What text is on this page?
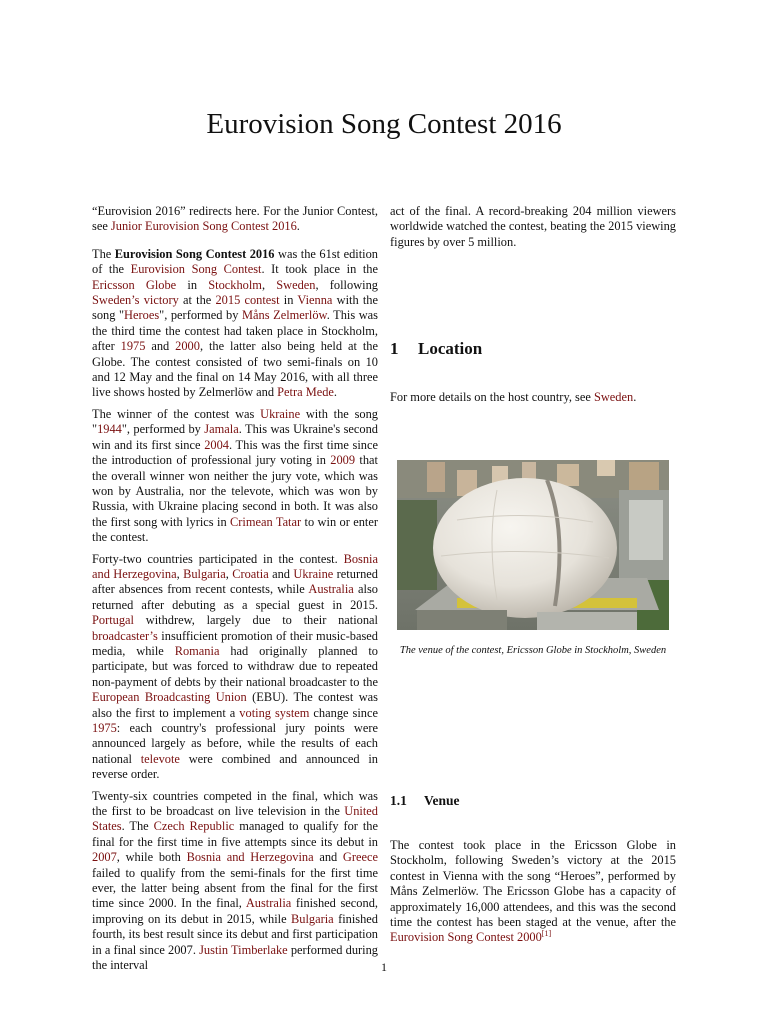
Eurovision Song Contest 2016

“Eurovision 2016” redirects here. For the Junior Contest, see Junior Eurovision Song Contest 2016.

The Eurovision Song Contest 2016 was the 61st edition of the Eurovision Song Contest. It took place in the Ericsson Globe in Stockholm, Sweden, following Sweden’s victory at the 2015 contest in Vienna with the song "Heroes", performed by Måns Zelmerlöw. This was the third time the contest had taken place in Stockholm, after 1975 and 2000, the latter also being held at the Globe. The contest consisted of two semi-finals on 10 and 12 May and the final on 14 May 2016, with all three live shows hosted by Zelmerlöw and Petra Mede.

The winner of the contest was Ukraine with the song "1944", performed by Jamala. This was Ukraine's second win and its first since 2004. This was the first time since the introduction of professional jury voting in 2009 that the overall winner won neither the jury vote, which was won by Australia, nor the televote, which was won by Russia, with Ukraine placing second in both. It was also the first song with lyrics in Crimean Tatar to win or enter the contest.

Forty-two countries participated in the contest. Bosnia and Herzegovina, Bulgaria, Croatia and Ukraine returned after absences from recent contests, while Australia also returned after debuting as a special guest in 2015. Portugal withdrew, largely due to their national broadcaster’s insufficient promotion of their music-based media, while Romania had originally planned to participate, but was forced to withdraw due to repeated non-payment of debts by their national broadcaster to the European Broadcasting Union (EBU). The contest was also the first to implement a voting system change since 1975: each country's professional jury points were announced largely as before, while the results of each national televote were combined and announced in reverse order.

Twenty-six countries competed in the final, which was the first to be broadcast on live television in the United States. The Czech Republic managed to qualify for the final for the first time in five attempts since its debut in 2007, while both Bosnia and Herzegovina and Greece failed to qualify from the semi-finals for the first time ever, the latter being absent from the final for the first time since 2000. In the final, Australia finished second, improving on its debut in 2015, while Bulgaria finished fourth, its best result since its debut and first participation in a final since 2007. Justin Timberlake performed during the interval

act of the final. A record-breaking 204 million viewers worldwide watched the contest, beating the 2015 viewing figures by over 5 million.

1 Location
For more details on the host country, see Sweden.
The venue of the contest, Ericsson Globe in Stockholm, Sweden
1.1 Venue
The contest took place in the Ericsson Globe in Stockholm, following Sweden’s victory at the 2015 contest in Vienna with the song “Heroes”, performed by Måns Zelmerlöw. The Ericsson Globe has a capacity of approximately 16,000 attendees, and this was the second time the contest has been staged at the venue, after the Eurovision Song Contest 2000[1]
1
